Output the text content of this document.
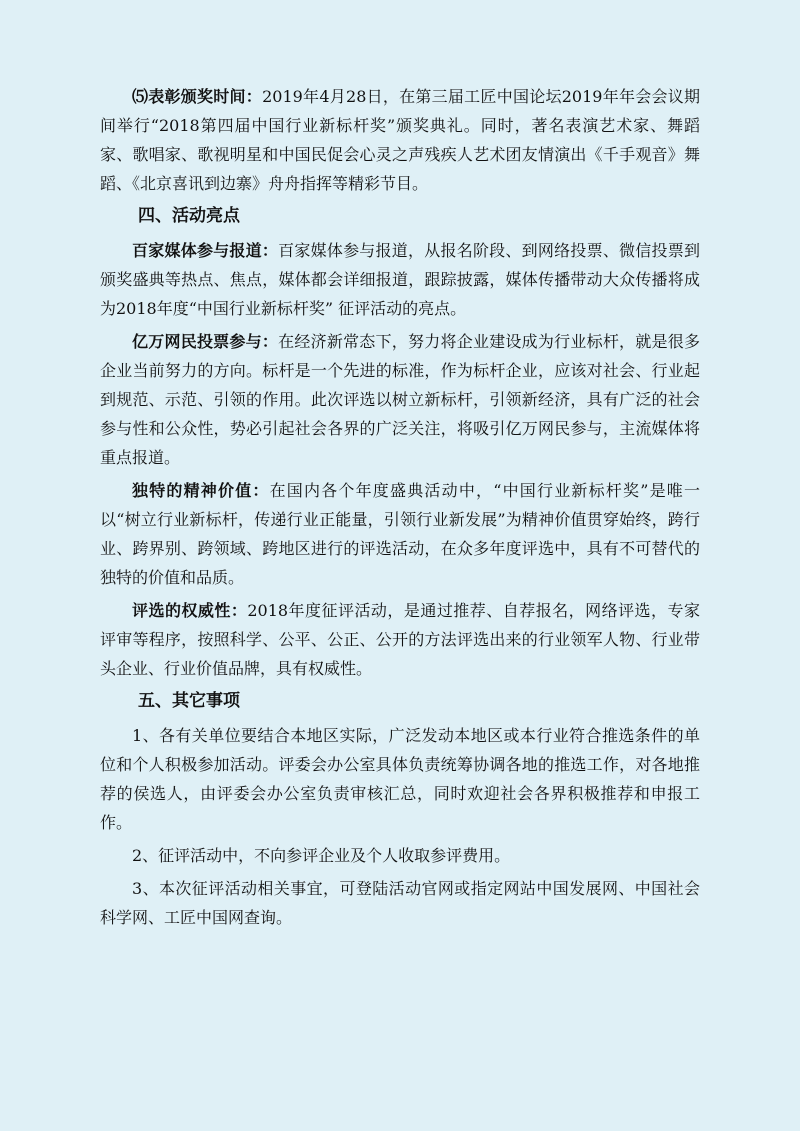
⑸表彰颁奖时间：2019年4月28日，在第三届工匠中国论坛2019年年会会议期间举行“2018第四届中国行业新标杆奖”颁奖典礼。同时，著名表演艺术家、舞蹈家、歌唱家、歌视明星和中国民促会心灵之声残疾人艺术团友情演出《千手观音》舞蹈、《北京喜讯到边寨》舟舟指挥等精彩节目。

四、活动亮点

百家媒体参与报道：百家媒体参与报道，从报名阶段、到网络投票、微信投票到颁奖盛典等热点、焦点，媒体都会详细报道，跟踪披露，媒体传播带动大众传播将成为2018年度“中国行业新标杆奖” 征评活动的亮点。

亿万网民投票参与：在经济新常态下，努力将企业建设成为行业标杆，就是很多企业当前努力的方向。标杆是一个先进的标准，作为标杆企业，应该对社会、行业起到规范、示范、引领的作用。此次评选以树立新标杆，引领新经济，具有广泛的社会参与性和公众性，势必引起社会各界的广泛关注，将吸引亿万网民参与，主流媒体将重点报道。

独特的精神价值：在国内各个年度盛典活动中，“中国行业新标杆奖”是唯一以“树立行业新标杆，传递行业正能量，引领行业新发展”为精神价值贯穿始终，跨行业、跨界别、跨领域、跨地区进行的评选活动，在众多年度评选中，具有不可替代的独特的价值和品质。

评选的权威性：2018年度征评活动，是通过推荐、自荐报名，网络评选，专家评审等程序，按照科学、公平、公正、公开的方法评选出来的行业领军人物、行业带头企业、行业价值品牌，具有权威性。

五、其它事项

1、各有关单位要结合本地区实际，广泛发动本地区或本行业符合推选条件的单位和个人积极参加活动。评委会办公室具体负责统筹协调各地的推选工作，对各地推荐的侯选人，由评委会办公室负责审核汇总，同时欢迎社会各界积极推荐和申报工作。

2、征评活动中，不向参评企业及个人收取参评费用。

3、本次征评活动相关事宜，可登陆活动官网或指定网站中国发展网、中国社会科学网、工匠中国网查询。
